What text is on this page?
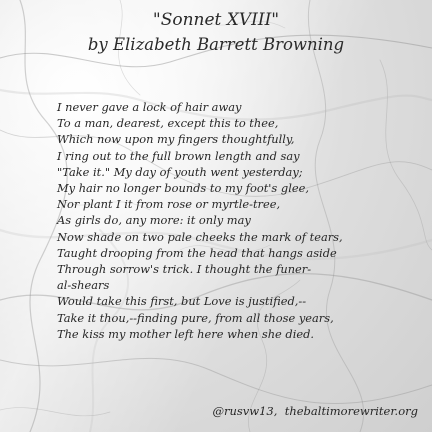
"Sonnet XVIII"
by Elizabeth Barrett Browning
I never gave a lock of hair away
To a man, dearest, except this to thee,
Which now upon my fingers thoughtfully,
I ring out to the full brown length and say
"Take it." My day of youth went yesterday;
My hair no longer bounds to my foot's glee,
Nor plant I it from rose or myrtle-tree,
As girls do, any more: it only may
Now shade on two pale cheeks the mark of tears,
Taught drooping from the head that hangs aside
Through sorrow's trick. I thought the funer-
al-shears
Would take this first, but Love is justified,--
Take it thou,--finding pure, from all those years,
The kiss my mother left here when she died.
@rusvw13,  thebaltimorewriter.org
